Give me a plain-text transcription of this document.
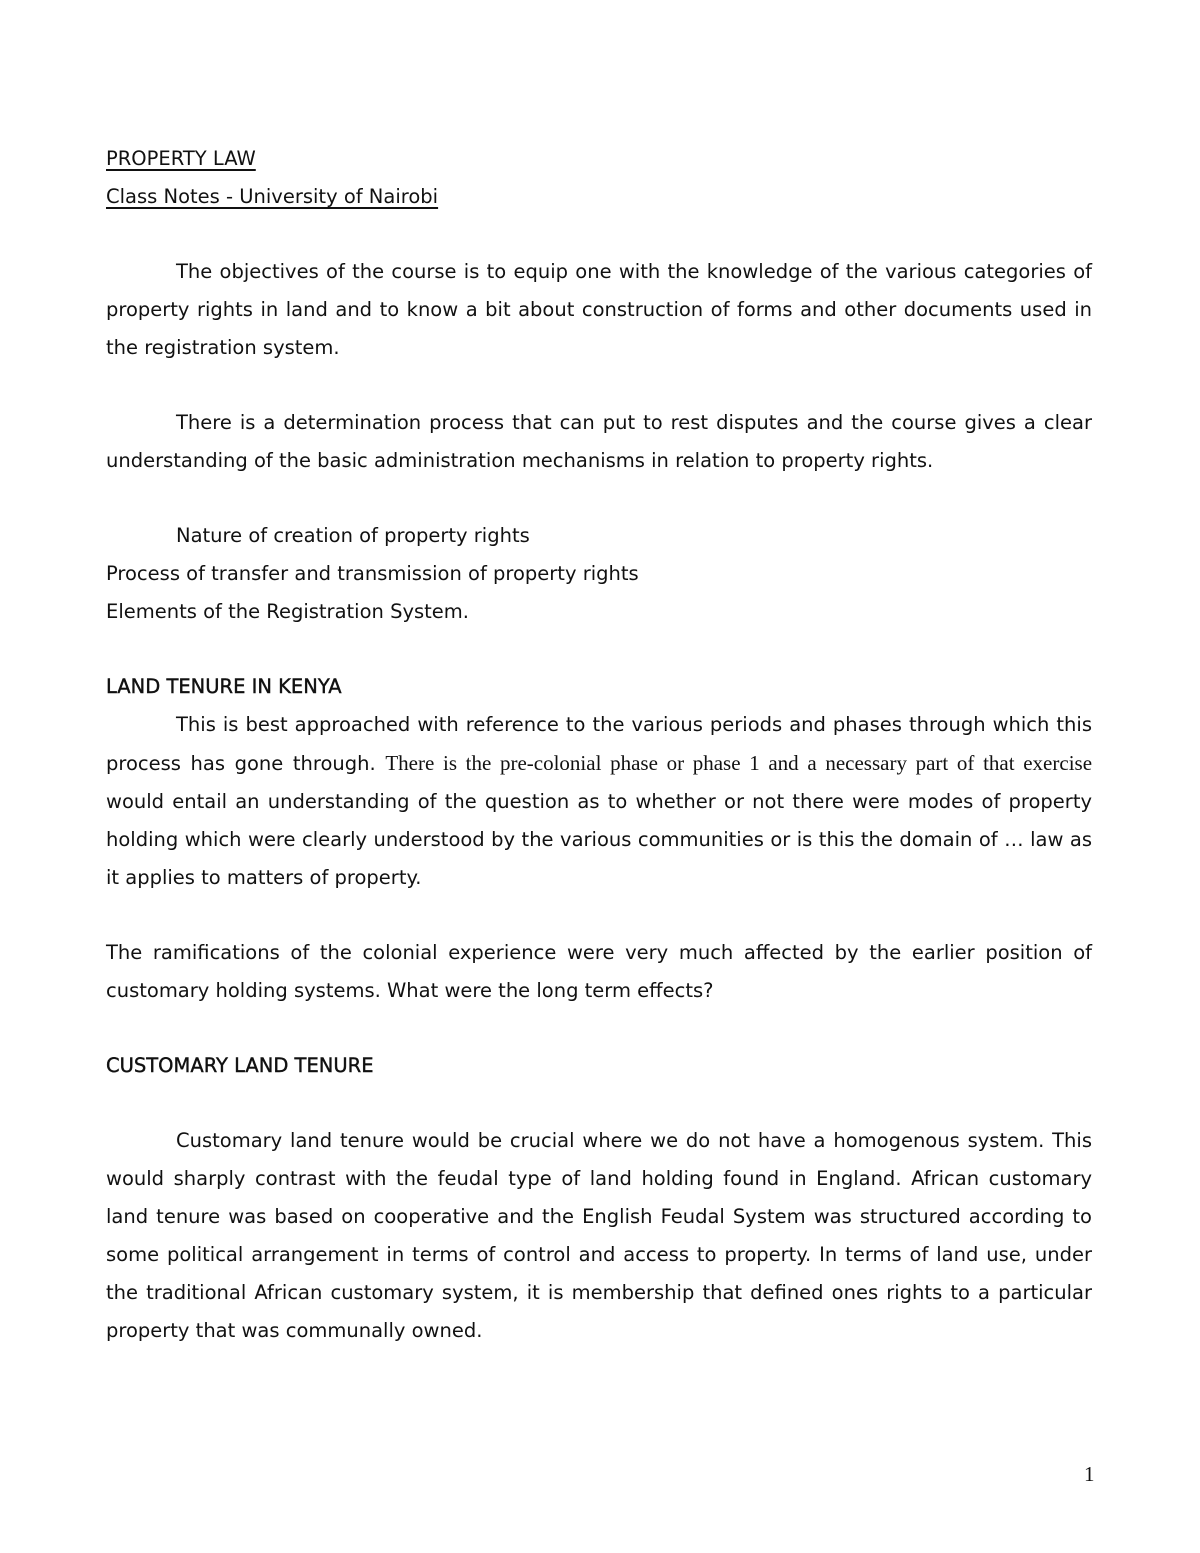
PROPERTY LAW

Class Notes - University of Nairobi

The objectives of the course is to equip one with the knowledge of the various categories of property rights in land and to know a bit about construction of forms and other documents used in the registration system.

There is a determination process that can put to rest disputes and the course gives a clear understanding of the basic administration mechanisms in relation to property rights.

Nature of creation of property rights

Process of transfer and transmission of property rights

Elements of the Registration System.

LAND TENURE IN KENYA

This is best approached with reference to the various periods and phases through which this process has gone through. There is the pre-colonial phase or phase 1 and a necessary part of that exercise would entail an understanding of the question as to whether or not there were modes of property holding which were clearly understood by the various communities or is this the domain of … law as it applies to matters of property.

The ramifications of the colonial experience were very much affected by the earlier position of customary holding systems. What were the long term effects?

CUSTOMARY LAND TENURE

Customary land tenure would be crucial where we do not have a homogenous system. This would sharply contrast with the feudal type of land holding found in England. African customary land tenure was based on cooperative and the English Feudal System was structured according to some political arrangement in terms of control and access to property. In terms of land use, under the traditional African customary system, it is membership that defined ones rights to a particular property that was communally owned.

1
